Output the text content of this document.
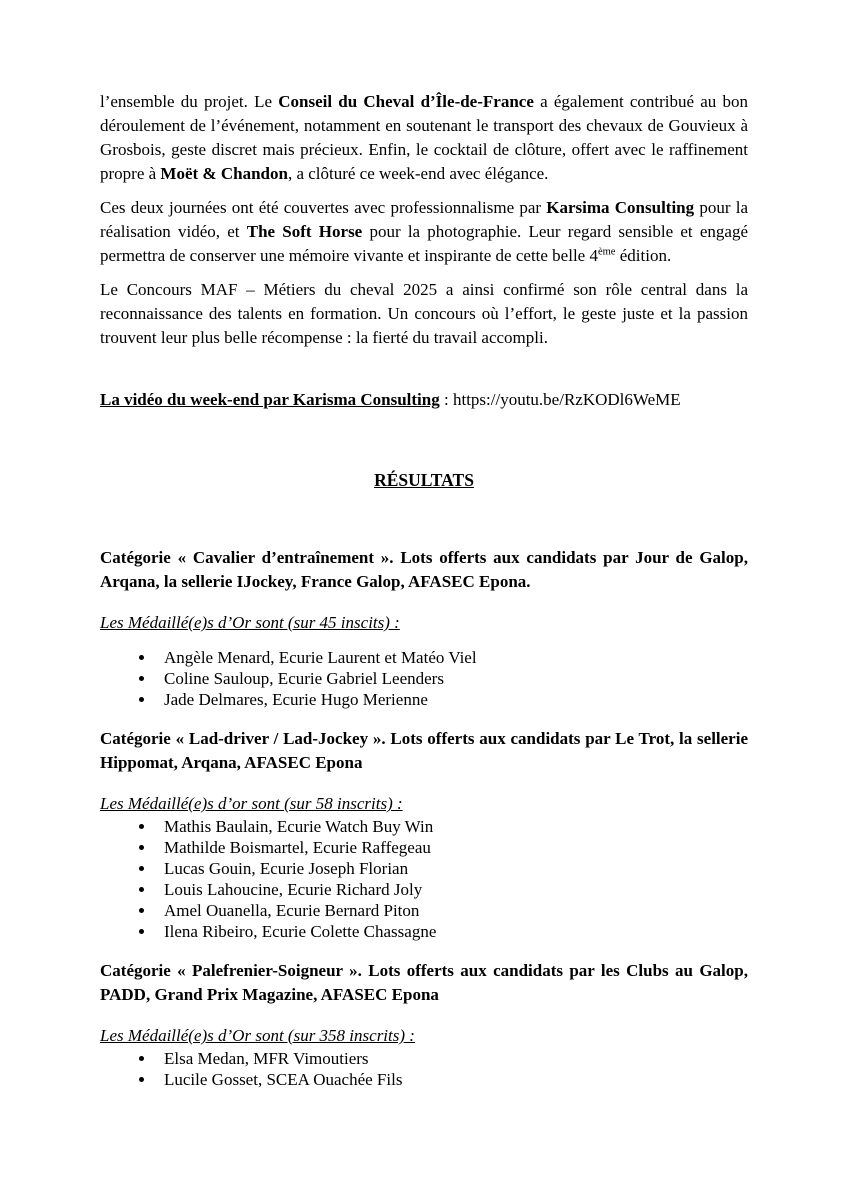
l’ensemble du projet. Le Conseil du Cheval d’Île-de-France a également contribué au bon déroulement de l’événement, notamment en soutenant le transport des chevaux de Gouvieux à Grosbois, geste discret mais précieux. Enfin, le cocktail de clôture, offert avec le raffinement propre à Moët & Chandon, a clôturé ce week-end avec élégance.

Ces deux journées ont été couvertes avec professionnalisme par Karsima Consulting pour la réalisation vidéo, et The Soft Horse pour la photographie. Leur regard sensible et engagé permettra de conserver une mémoire vivante et inspirante de cette belle 4ème édition.

Le Concours MAF – Métiers du cheval 2025 a ainsi confirmé son rôle central dans la reconnaissance des talents en formation. Un concours où l’effort, le geste juste et la passion trouvent leur plus belle récompense : la fierté du travail accompli.

La vidéo du week-end par Karisma Consulting : https://youtu.be/RzKODl6WeME

RÉSULTATS

Catégorie « Cavalier d’entraînement ». Lots offerts aux candidats par Jour de Galop, Arqana, la sellerie IJockey, France Galop, AFASEC Epona.

Les Médaillé(e)s d’Or sont (sur 45 inscits) :

• Angèle Menard, Ecurie Laurent et Matéo Viel
• Coline Sauloup, Ecurie Gabriel Leenders
• Jade Delmares, Ecurie Hugo Merienne

Catégorie « Lad-driver / Lad-Jockey ». Lots offerts aux candidats par Le Trot, la sellerie Hippomat, Arqana, AFASEC Epona

Les Médaillé(e)s d’or sont (sur 58 inscrits) :

• Mathis Baulain, Ecurie Watch Buy Win
• Mathilde Boismartel, Ecurie Raffegeau
• Lucas Gouin, Ecurie Joseph Florian
• Louis Lahoucine, Ecurie Richard Joly
• Amel Ouanella, Ecurie Bernard Piton
• Ilena Ribeiro, Ecurie Colette Chassagne

Catégorie « Palefrenier-Soigneur ». Lots offerts aux candidats par les Clubs au Galop, PADD, Grand Prix Magazine, AFASEC Epona

Les Médaillé(e)s d’Or sont (sur 358 inscrits) :

• Elsa Medan, MFR Vimoutiers
• Lucile Gosset, SCEA Ouachée Fils
